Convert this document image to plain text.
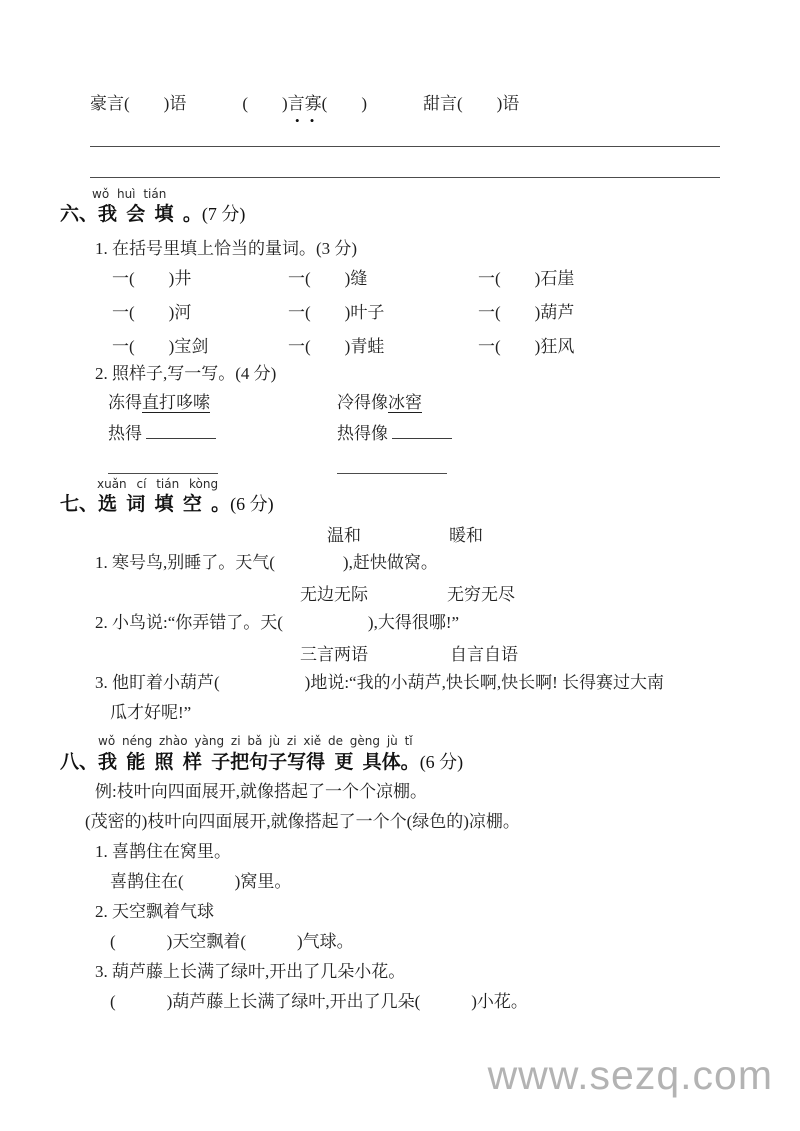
豪言(　　)语	(　　)言寡 • •(　　)	甜言(　　)语
wǒ huì tián
六、我 会 填 。(7 分)
1. 在括号里填上恰当的量词。(3 分)
一(　　)井	一(　　)缝	一(　　)石崖
一(　　)河	一(　　)叶子	一(　　)葫芦
一(　　)宝剑	一(　　)青蛙	一(　　)狂风
2. 照样子,写一写。(4 分)
冻得直打哆嗦	冷得像冰窖
热得	热得像
xuǎn cí tián kòng
七、选 词 填 空 。(6 分)
温和	暖和
1. 寒号鸟,别睡了。天气(　　　　),赶快做窝。
无边无际	无穷无尽
2. 小鸟说:“你弄错了。天(　　　　　),大得很哪!”
三言两语	自言自语
3. 他盯着小葫芦(　　　　　)地说:“我的小葫芦,快长啊,快长啊! 长得赛过大南
瓜才好呢!”
wǒ néng zhào yàng zi bǎ jù zi xiě de gèng jù tǐ
八、我 能 照 样 子把句子写得 更 具体。(6 分)
例:枝叶向四面展开,就像搭起了一个个凉棚。
(茂密的)枝叶向四面展开,就像搭起了一个个(绿色的)凉棚。
1. 喜鹊住在窝里。
喜鹊住在(　　　)窝里。
2. 天空飘着气球
(　　　)天空飘着(　　　)气球。
3. 葫芦藤上长满了绿叶,开出了几朵小花。
(　　　)葫芦藤上长满了绿叶,开出了几朵(　　　)小花。
www.sezq.com
